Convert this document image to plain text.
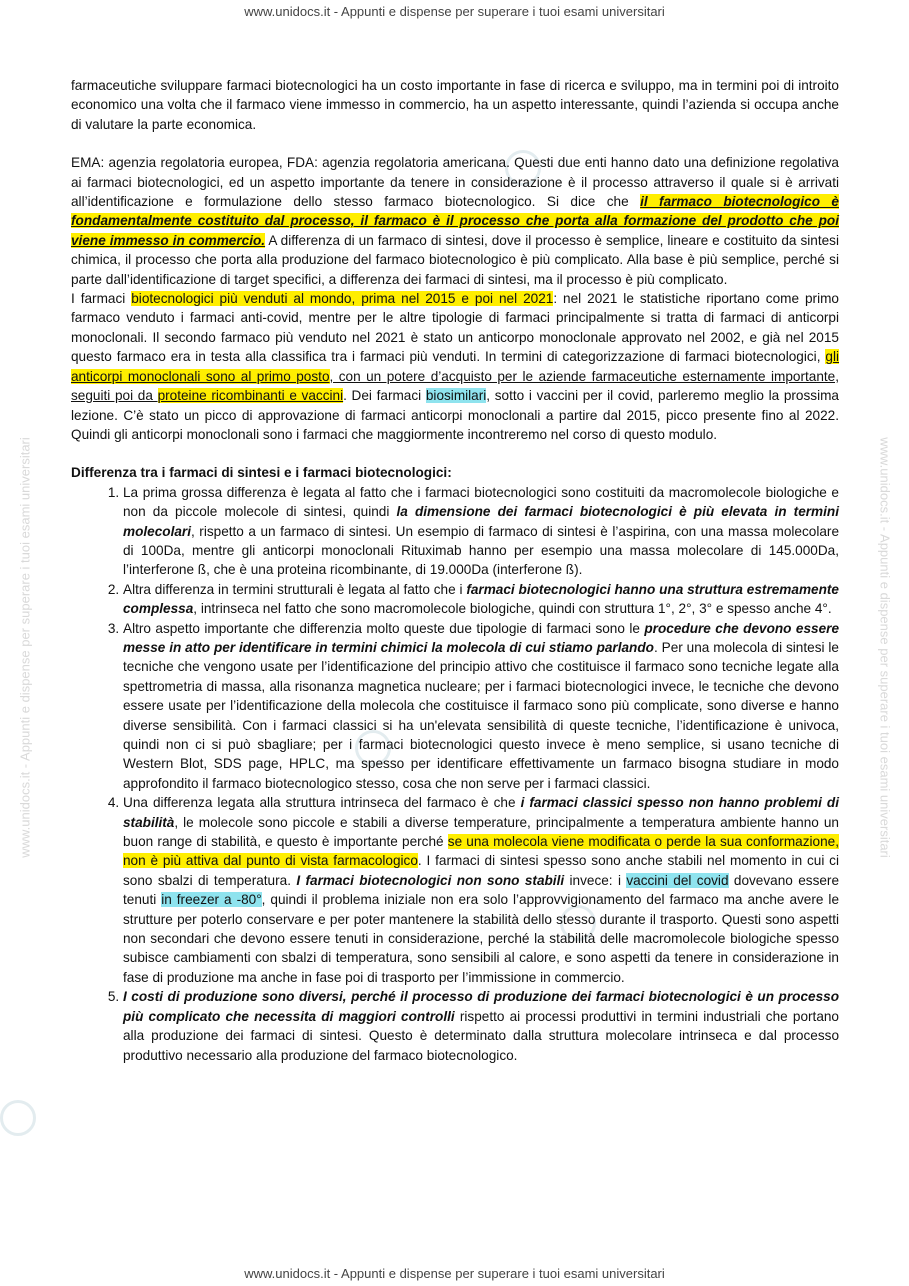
www.unidocs.it - Appunti e dispense per superare i tuoi esami universitari
www.unidocs.it - Appunti e dispense per superare i tuoi esami universitari	www.unidocs.it - Appunti e dispense per superare i tuoi esami universitari

farmaceutiche sviluppare farmaci biotecnologici ha un costo importante in fase di ricerca e sviluppo, ma in termini poi di introito economico una volta che il farmaco viene immesso in commercio, ha un aspetto interessante, quindi l’azienda si occupa anche di valutare la parte economica.

EMA: agenzia regolatoria europea, FDA: agenzia regolatoria americana. Questi due enti hanno dato una definizione regolativa ai farmaci biotecnologici, ed un aspetto importante da tenere in considerazione è il processo attraverso il quale si è arrivati all’identificazione e formulazione dello stesso farmaco biotecnologico. Si dice che il farmaco biotecnologico è fondamentalmente costituito dal processo, il farmaco è il processo che porta alla formazione del prodotto che poi viene immesso in commercio. A differenza di un farmaco di sintesi, dove il processo è semplice, lineare e costituito da sintesi chimica, il processo che porta alla produzione del farmaco biotecnologico è più complicato. Alla base è più semplice, perché si parte dall’identificazione di target specifici, a differenza dei farmaci di sintesi, ma il processo è più complicato.

I farmaci biotecnologici più venduti al mondo, prima nel 2015 e poi nel 2021: nel 2021 le statistiche riportano come primo farmaco venduto i farmaci anti-covid, mentre per le altre tipologie di farmaci principalmente si tratta di farmaci di anticorpi monoclonali. Il secondo farmaco più venduto nel 2021 è stato un anticorpo monoclonale approvato nel 2002, e già nel 2015 questo farmaco era in testa alla classifica tra i farmaci più venduti. In termini di categorizzazione di farmaci biotecnologici, gli anticorpi monoclonali sono al primo posto, con un potere d’acquisto per le aziende farmaceutiche esternamente importante, seguiti poi da proteine ricombinanti e vaccini. Dei farmaci biosimilari, sotto i vaccini per il covid, parleremo meglio la prossima lezione. C’è stato un picco di approvazione di farmaci anticorpi monoclonali a partire dal 2015, picco presente fino al 2022. Quindi gli anticorpi monoclonali sono i farmaci che maggiormente incontreremo nel corso di questo modulo.

Differenza tra i farmaci di sintesi e i farmaci biotecnologici:

1. La prima grossa differenza è legata al fatto che i farmaci biotecnologici sono costituiti da macromolecole biologiche e non da piccole molecole di sintesi, quindi la dimensione dei farmaci biotecnologici è più elevata in termini molecolari, rispetto a un farmaco di sintesi. Un esempio di farmaco di sintesi è l’aspirina, con una massa molecolare di 100Da, mentre gli anticorpi monoclonali Rituximab hanno per esempio una massa molecolare di 145.000Da, l’interferone ß, che è una proteina ricombinante, di 19.000Da (interferone ß).
2. Altra differenza in termini strutturali è legata al fatto che i farmaci biotecnologici hanno una struttura estremamente complessa, intrinseca nel fatto che sono macromolecole biologiche, quindi con struttura 1°, 2°, 3° e spesso anche 4°.
3. Altro aspetto importante che differenzia molto queste due tipologie di farmaci sono le procedure che devono essere messe in atto per identificare in termini chimici la molecola di cui stiamo parlando. Per una molecola di sintesi le tecniche che vengono usate per l’identificazione del principio attivo che costituisce il farmaco sono tecniche legate alla spettrometria di massa, alla risonanza magnetica nucleare; per i farmaci biotecnologici invece, le tecniche che devono essere usate per l’identificazione della molecola che costituisce il farmaco sono più complicate, sono diverse e hanno diverse sensibilità. Con i farmaci classici si ha un'elevata sensibilità di queste tecniche, l’identificazione è univoca, quindi non ci si può sbagliare; per i farmaci biotecnologici questo invece è meno semplice, si usano tecniche di Western Blot, SDS page, HPLC, ma spesso per identificare effettivamente un farmaco bisogna studiare in modo approfondito il farmaco biotecnologico stesso, cosa che non serve per i farmaci classici.
4. Una differenza legata alla struttura intrinseca del farmaco è che i farmaci classici spesso non hanno problemi di stabilità, le molecole sono piccole e stabili a diverse temperature, principalmente a temperatura ambiente hanno un buon range di stabilità, e questo è importante perché se una molecola viene modificata o perde la sua conformazione, non è più attiva dal punto di vista farmacologico. I farmaci di sintesi spesso sono anche stabili nel momento in cui ci sono sbalzi di temperatura. I farmaci biotecnologici non sono stabili invece: i vaccini del covid dovevano essere tenuti in freezer a -80°, quindi il problema iniziale non era solo l’approvvigionamento del farmaco ma anche avere le strutture per poterlo conservare e per poter mantenere la stabilità dello stesso durante il trasporto. Questi sono aspetti non secondari che devono essere tenuti in considerazione, perché la stabilità delle macromolecole biologiche spesso subisce cambiamenti con sbalzi di temperatura, sono sensibili al calore, e sono aspetti da tenere in considerazione in fase di produzione ma anche in fase poi di trasporto per l’immissione in commercio.
5. I costi di produzione sono diversi, perché il processo di produzione dei farmaci biotecnologici è un processo più complicato che necessita di maggiori controlli rispetto ai processi produttivi in termini industriali che portano alla produzione dei farmaci di sintesi. Questo è determinato dalla struttura molecolare intrinseca e dal processo produttivo necessario alla produzione del farmaco biotecnologico.
www.unidocs.it - Appunti e dispense per superare i tuoi esami universitari
